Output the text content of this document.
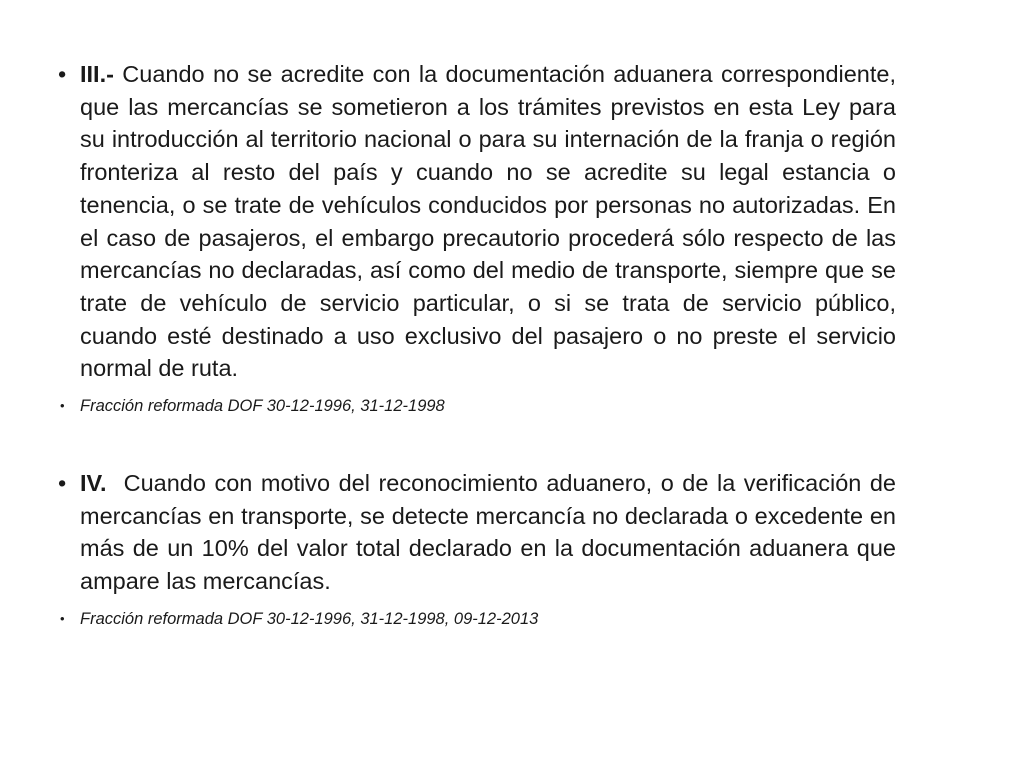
• III.- Cuando no se acredite con la documentación aduanera correspondiente, que las mercancías se sometieron a los trámites previstos en esta Ley para su introducción al territorio nacional o para su internación de la franja o región fronteriza al resto del país y cuando no se acredite su legal estancia o tenencia, o se trate de vehículos conducidos por personas no autorizadas. En el caso de pasajeros, el embargo precautorio procederá sólo respecto de las mercancías no declaradas, así como del medio de transporte, siempre que se trate de vehículo de servicio particular, o si se trata de servicio público, cuando esté destinado a uso exclusivo del pasajero o no preste el servicio normal de ruta.
• Fracción reformada DOF 30-12-1996, 31-12-1998
• IV.  Cuando con motivo del reconocimiento aduanero, o de la verificación de mercancías en transporte, se detecte mercancía no declarada o excedente en más de un 10% del valor total declarado en la documentación aduanera que ampare las mercancías.
• Fracción reformada DOF 30-12-1996, 31-12-1998, 09-12-2013
